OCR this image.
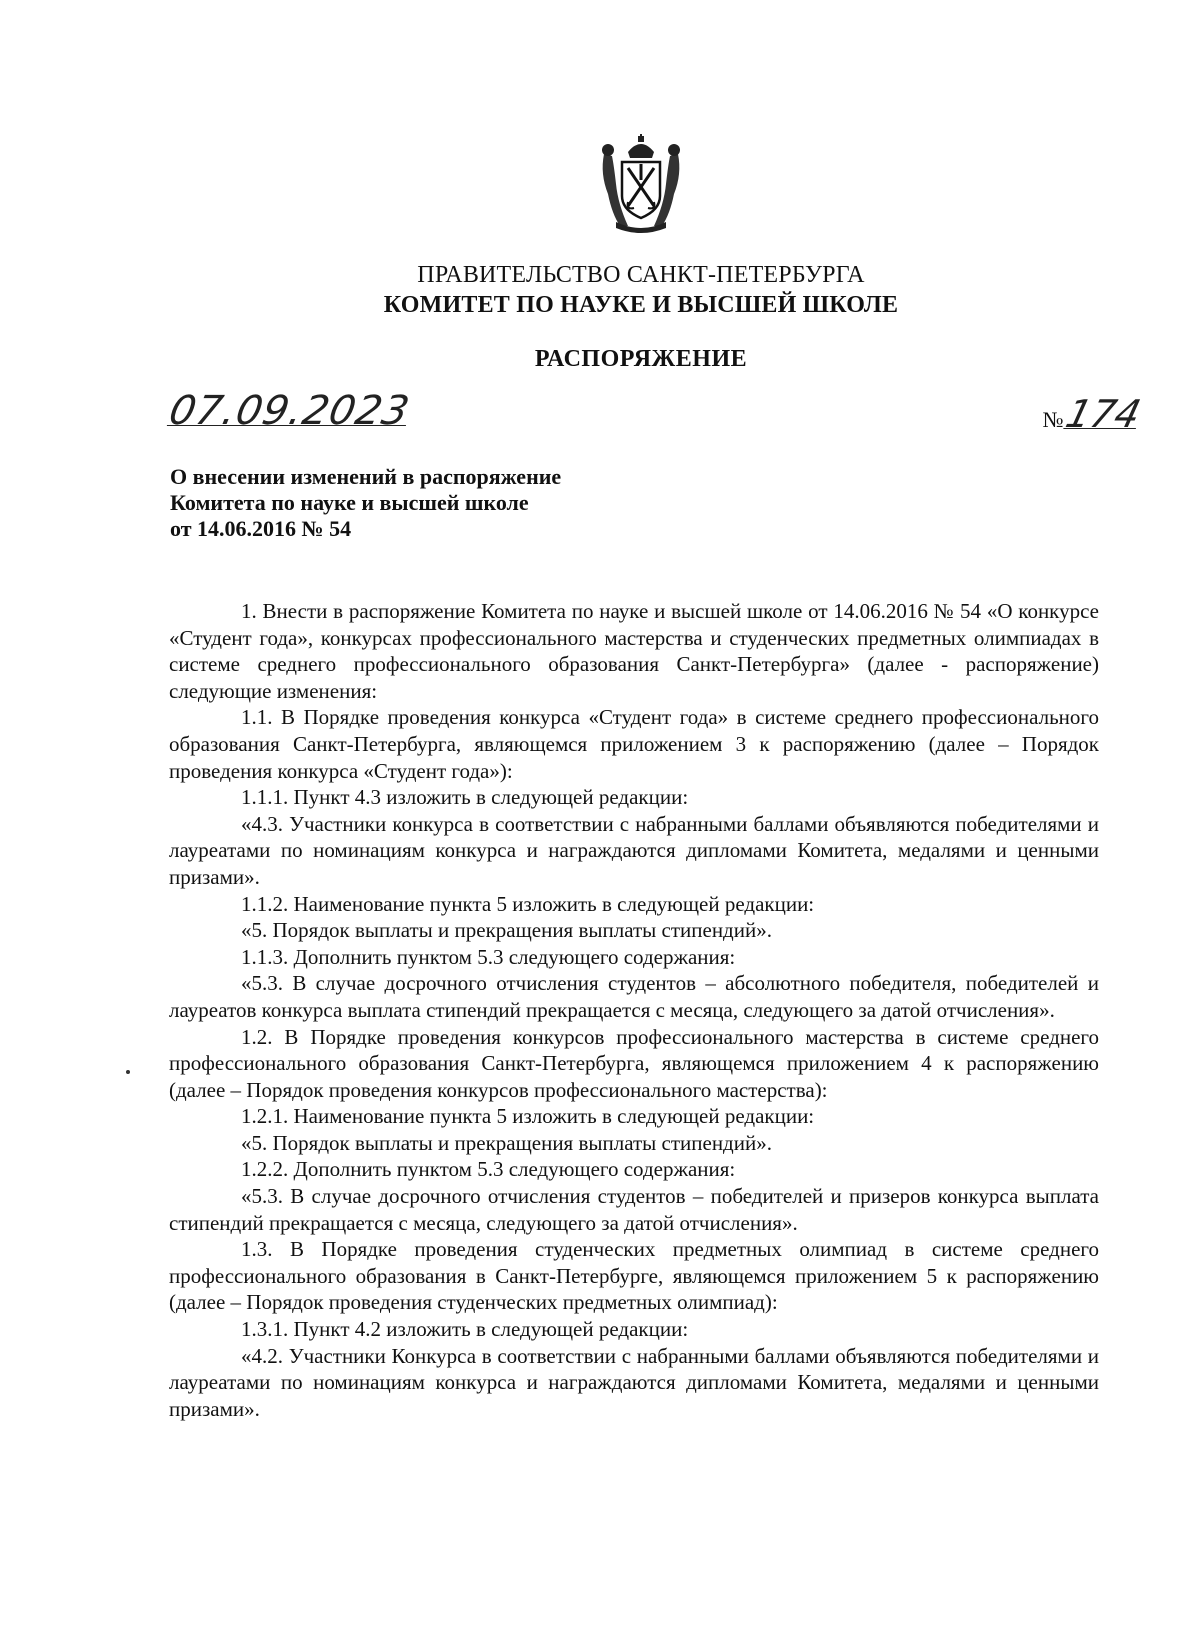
ПРАВИТЕЛЬСТВО САНКТ-ПЕТЕРБУРГА
КОМИТЕТ ПО НАУКЕ И ВЫСШЕЙ ШКОЛЕ
РАСПОРЯЖЕНИЕ
07.09.2023	№
174
О внесении изменений в распоряжение
Комитета по науке и высшей школе
от 14.06.2016 № 54

1. Внести в распоряжение Комитета по науке и высшей школе от 14.06.2016 № 54 «О конкурсе «Студент года», конкурсах профессионального мастерства и студенческих предметных олимпиадах в системе среднего профессионального образования Санкт-Петербурга» (далее - распоряжение) следующие изменения:

1.1. В Порядке проведения конкурса «Студент года» в системе среднего профессионального образования Санкт-Петербурга, являющемся приложением 3 к распоряжению (далее – Порядок проведения конкурса «Студент года»):

1.1.1. Пункт 4.3 изложить в следующей редакции:

«4.3. Участники конкурса в соответствии с набранными баллами объявляются победителями и лауреатами по номинациям конкурса и награждаются дипломами Комитета, медалями и ценными призами».

1.1.2. Наименование пункта 5 изложить в следующей редакции:

«5. Порядок выплаты и прекращения выплаты стипендий».

1.1.3. Дополнить пунктом 5.3 следующего содержания:

«5.3. В случае досрочного отчисления студентов – абсолютного победителя, победителей и лауреатов конкурса выплата стипендий прекращается с месяца, следующего за датой отчисления».

1.2. В Порядке проведения конкурсов профессионального мастерства в системе среднего профессионального образования Санкт-Петербурга, являющемся приложением 4 к распоряжению (далее – Порядок проведения конкурсов профессионального мастерства):

1.2.1. Наименование пункта 5 изложить в следующей редакции:

«5. Порядок выплаты и прекращения выплаты стипендий».

1.2.2. Дополнить пунктом 5.3 следующего содержания:

«5.3. В случае досрочного отчисления студентов – победителей и призеров конкурса выплата стипендий прекращается с месяца, следующего за датой отчисления».

1.3. В Порядке проведения студенческих предметных олимпиад в системе среднего профессионального образования в Санкт-Петербурге, являющемся приложением 5 к распоряжению (далее – Порядок проведения студенческих предметных олимпиад):

1.3.1. Пункт 4.2 изложить в следующей редакции:

«4.2. Участники Конкурса в соответствии с набранными баллами объявляются победителями и лауреатами по номинациям конкурса и награждаются дипломами Комитета, медалями и ценными призами».
